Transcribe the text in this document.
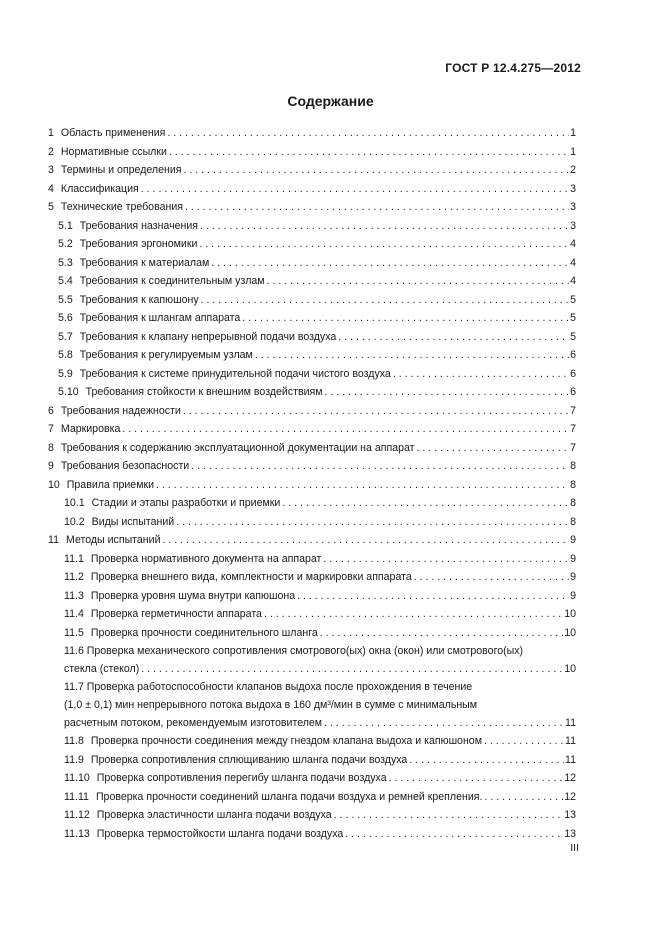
ГОСТ Р 12.4.275—2012
Содержание
1 Область применения . . .	1
2 Нормативные ссылки . . .	1
3 Термины и определения . . .	2
4 Классификация . . .	3
5 Технические требования . . .	3
5.1 Требования назначения . . .	3
5.2 Требования эргономики . . .	4
5.3 Требования к материалам . . .	4
5.4 Требования к соединительным узлам . . .	4
5.5 Требования к капюшону . . .	5
5.6 Требования к шлангам аппарата . . .	5
5.7 Требования к клапану непрерывной подачи воздуха . . .	5
5.8 Требования к регулируемым узлам . . .	6
5.9 Требования к системе принудительной подачи чистого воздуха . . .	6
5.10 Требования стойкости к внешним воздействиям . . .	6
6 Требования надежности . . .	7
7 Маркировка . . .	7
8 Требования к содержанию эксплуатационной документации на аппарат . . .	7
9 Требования безопасности . . .	8
10 Правила приемки . . .	8
10.1 Стадии и этапы разработки и приемки . . .	8
10.2 Виды испытаний . . .	8
11 Методы испытаний . . .	9
11.1 Проверка нормативного документа на аппарат . . .	9
11.2 Проверка внешнего вида, комплектности и маркировки аппарата . . .	9
11.3 Проверка уровня шума внутри капюшона . . .	9
11.4 Проверка герметичности аппарата . . .	10
11.5 Проверка прочности соединительного шланга . . .	10
11.6 Проверка механического сопротивления смотрового(ых) окна (окон) или смотрового(ых)
стекла (стекол) . . .	10
11.7 Проверка работоспособности клапанов выдоха после прохождения в течение
(1,0 ± 0,1) мин непрерывного потока выдоха в 160 дм³/мин в сумме с минимальным
расчетным потоком, рекомендуемым изготовителем . . .	11
11.8 Проверка прочности соединения между гнездом клапана выдоха и капюшоном . . .	11
11.9 Проверка сопротивления сплющиванию шланга подачи воздуха . . .	11
11.10 Проверка сопротивления перегибу шланга подачи воздуха . . .	12
11.11 Проверка прочности соединений шланга подачи воздуха и ремней крепления. . . .	12
11.12 Проверка эластичности шланга подачи воздуха . . .	13
11.13 Проверка термостойкости шланга подачи воздуха . . .	13
III
